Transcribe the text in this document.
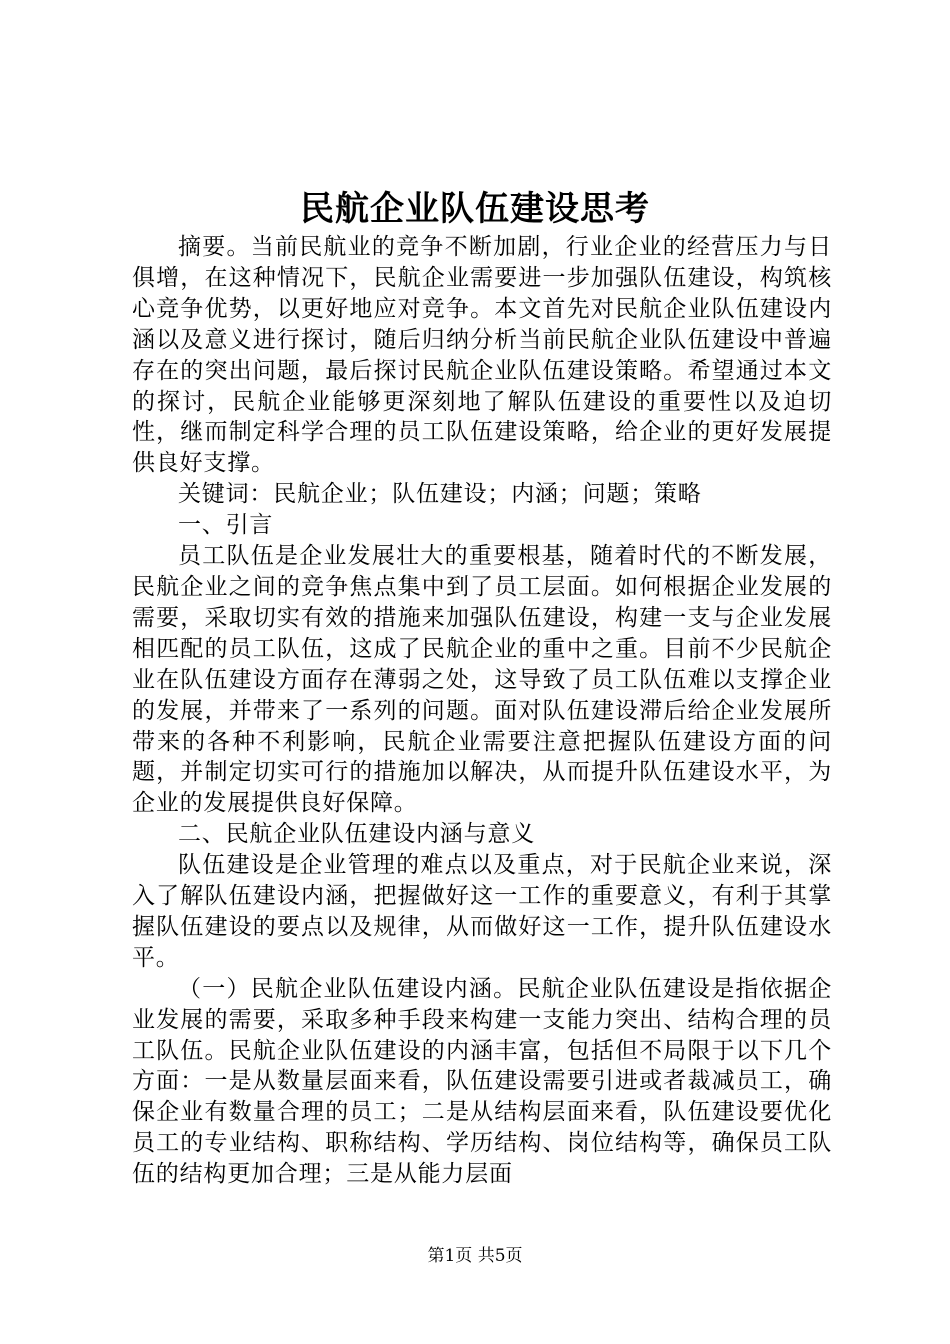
民航企业队伍建设思考

摘要。当前民航业的竞争不断加剧，行业企业的经营压力与日俱增，在这种情况下，民航企业需要进一步加强队伍建设，构筑核心竞争优势，以更好地应对竞争。本文首先对民航企业队伍建设内涵以及意义进行探讨，随后归纳分析当前民航企业队伍建设中普遍存在的突出问题，最后探讨民航企业队伍建设策略。希望通过本文的探讨，民航企业能够更深刻地了解队伍建设的重要性以及迫切性，继而制定科学合理的员工队伍建设策略，给企业的更好发展提供良好支撑。

关键词：民航企业；队伍建设；内涵；问题；策略

一、引言

员工队伍是企业发展壮大的重要根基，随着时代的不断发展，民航企业之间的竞争焦点集中到了员工层面。如何根据企业发展的需要，采取切实有效的措施来加强队伍建设，构建一支与企业发展相匹配的员工队伍，这成了民航企业的重中之重。目前不少民航企业在队伍建设方面存在薄弱之处，这导致了员工队伍难以支撑企业的发展，并带来了一系列的问题。面对队伍建设滞后给企业发展所带来的各种不利影响，民航企业需要注意把握队伍建设方面的问题，并制定切实可行的措施加以解决，从而提升队伍建设水平，为企业的发展提供良好保障。

二、民航企业队伍建设内涵与意义

队伍建设是企业管理的难点以及重点，对于民航企业来说，深入了解队伍建设内涵，把握做好这一工作的重要意义，有利于其掌握队伍建设的要点以及规律，从而做好这一工作，提升队伍建设水平。

（一）民航企业队伍建设内涵。民航企业队伍建设是指依据企业发展的需要，采取多种手段来构建一支能力突出、结构合理的员工队伍。民航企业队伍建设的内涵丰富，包括但不局限于以下几个方面：一是从数量层面来看，队伍建设需要引进或者裁减员工，确保企业有数量合理的员工；二是从结构层面来看，队伍建设要优化员工的专业结构、职称结构、学历结构、岗位结构等，确保员工队伍的结构更加合理；三是从能力层面

第1页 共5页
